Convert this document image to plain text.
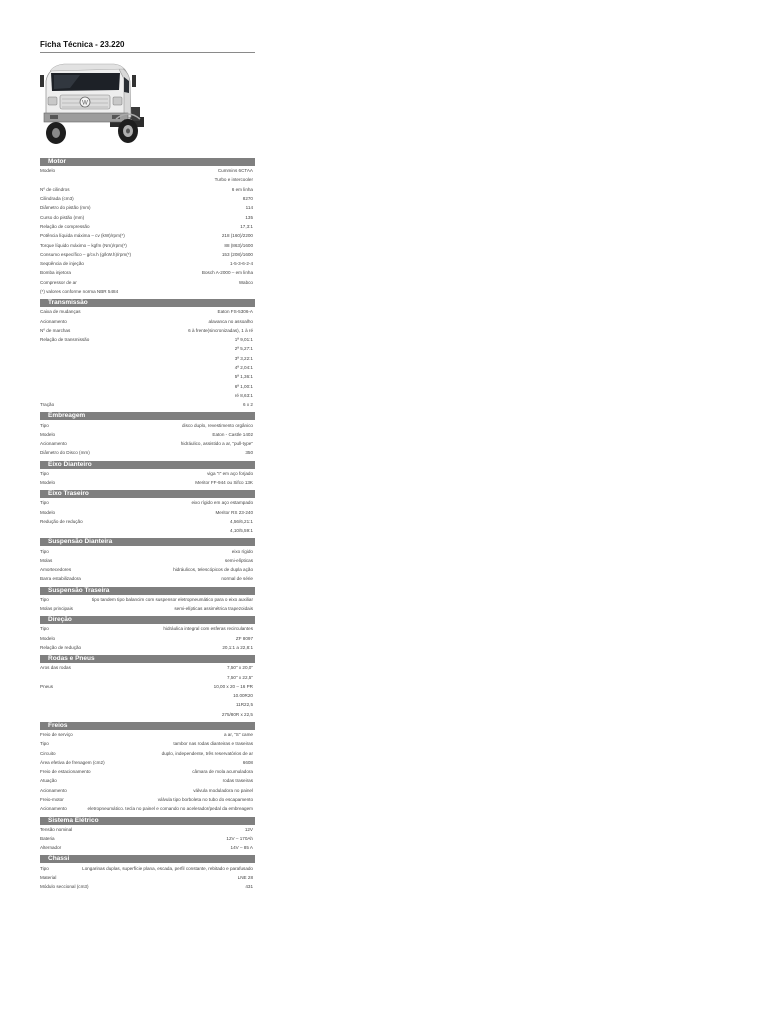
Ficha Técnica - 23.220
W
Motor
Modelo	Cummins 6CTAA
Turbo e intercooler
Nº de cilindros	6 em linha
Cilindrada (cm3)	8270
Diâmetro do pistão (mm)	114
Curso do pistão (mm)	135
Relação de compressão	17,3:1
Potência líquida máxima – cv (kW)/rpm(*)	218 (160)/2200
Torque líquido máximo – kgfm (Nm)/rpm(*)	88 (863)/1600
Consumo específico – g/cv.h (g/kW.h)/rpm(*)	153 (208)/1600
Seqüência de injeção	1-5-3-6-2-4
Bomba injetora	Bosch A-2000 – em linha
Compressor de ar	Wabco
(*) valores conforme norma NBR 5484
Transmissão
Caixa de mudanças	Eaton FS-5306-A
Acionamento	alavanca no assoalho
Nº de marchas	6 à frente(sincronizadas), 1 à ré
Relação de transmissão	1ª 9,01:1
2ª 5,27:1
3ª 3,22:1
4ª 2,04:1
5ª 1,36:1
6ª 1,00:1
ré 8,63:1
Tração	6 x 2
Embreagem
Tipo	disco duplo, revestimento orgânico
Modelo	Eaton - Castle 1402
Acionamento	hidráulico, assistido a ar, "pull-type"
Diâmetro do Disco (mm)	350
Eixo Dianteiro
Tipo	viga "I" em aço forjado
Modelo	Meritor FF-944 ou Sifco 13K
Eixo Traseiro
Tipo	eixo rígido em aço estampado
Modelo	Meritor RS 23-240
Redução de redução	4,56/6,21:1
4,10/5,59:1
Suspensão Dianteira
Tipo	eixo rígido
Molas	semi-elípticas
Amortecedores	hidráulicos, telescópicos de dupla ação
Barra estabilizadora	normal de série
Suspensão Traseira
Tipo	tipo tandem tipo balancim com suspensor eletropneumático para o eixo auxiliar
Molas principais	semi-elípticas assimétrica trapezoidais
Direção
Tipo	hidráulica integral com esferas recirculantes
Modelo	ZF 8097
Relação de redução	20,1:1 a 22,8:1
Rodas e Pneus
Aros das rodas	7,50" x 20,0"
7,50" x 22,5"
Pneus	10,00 x 20 – 16 PR
10.00R20
11R22,5
275/80R x 22,5
Freios
Freio de serviço	a ar, "S" came
Tipo	tambor nas rodas dianteiras e traseiras
Circuito	duplo, independente, três reservatórios de ar
Área efetiva de frenagem (cm2)	6608
Freio de estacionamento	câmara de mola acumuladora
Atuação	rodas traseiras
Acionamento	válvula moduladora no painel
Freio-motor	válvula tipo borboleta no tubo do escapamento
Acionamento	eletropneumático. tecla no painel e comando no acelerador/pedal da embreagem
Sistema Elétrico
Tensão nominal	12V
Bateria	12V – 170Ah
Alternador	14V – 85 A
Chassi
Tipo	Longarinas duplas, superfície plana, escada, perfil constante, rebitado e parafusado
Material	LNE 28
Módulo seccional (cm3)	431
